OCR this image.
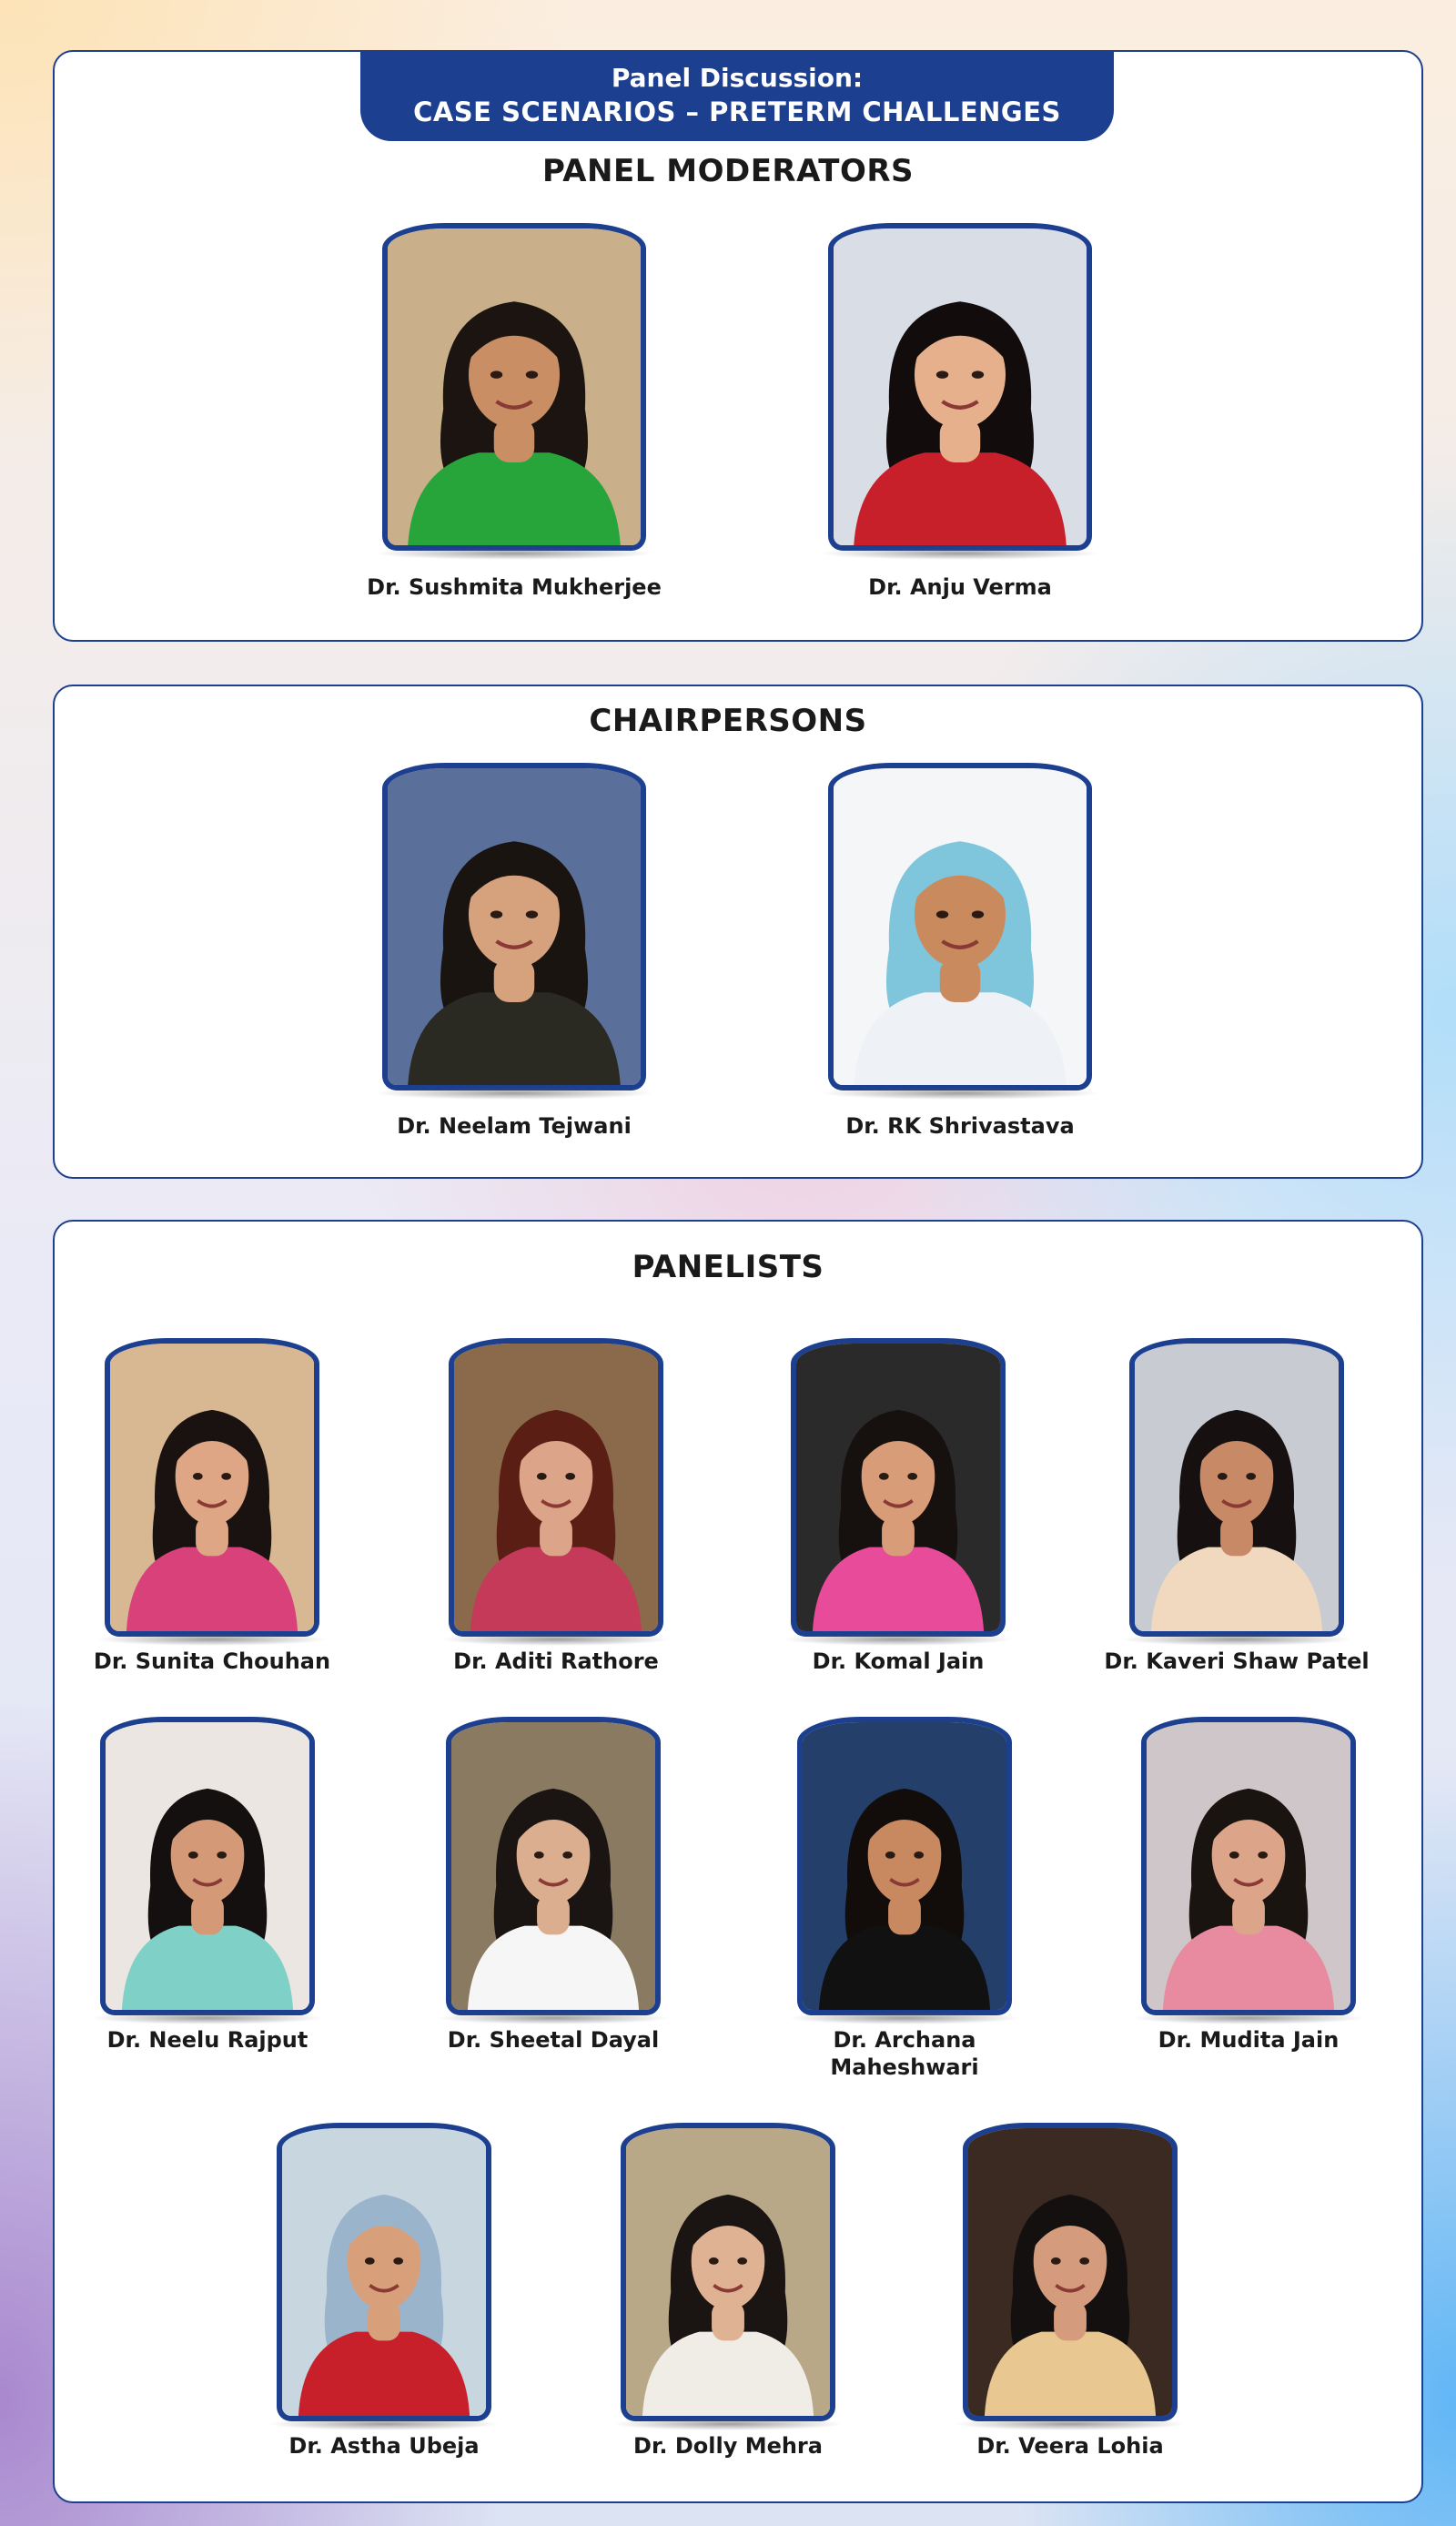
Panel Discussion:
CASE SCENARIOS – PRETERM CHALLENGES
PANEL MODERATORS
CHAIRPERSONS
PANELISTS
Dr. Sushmita Mukherjee	Dr. Anju Verma
Dr. Neelam Tejwani	Dr. RK Shrivastava
Dr. Sunita Chouhan	Dr. Aditi Rathore	Dr. Komal Jain	Dr. Kaveri Shaw Patel
Dr. Neelu Rajput	Dr. Sheetal Dayal	Dr. Archana Maheshwari
Dr. Mudita Jain
Dr. Astha Ubeja	Dr. Dolly Mehra	Dr. Veera Lohia
